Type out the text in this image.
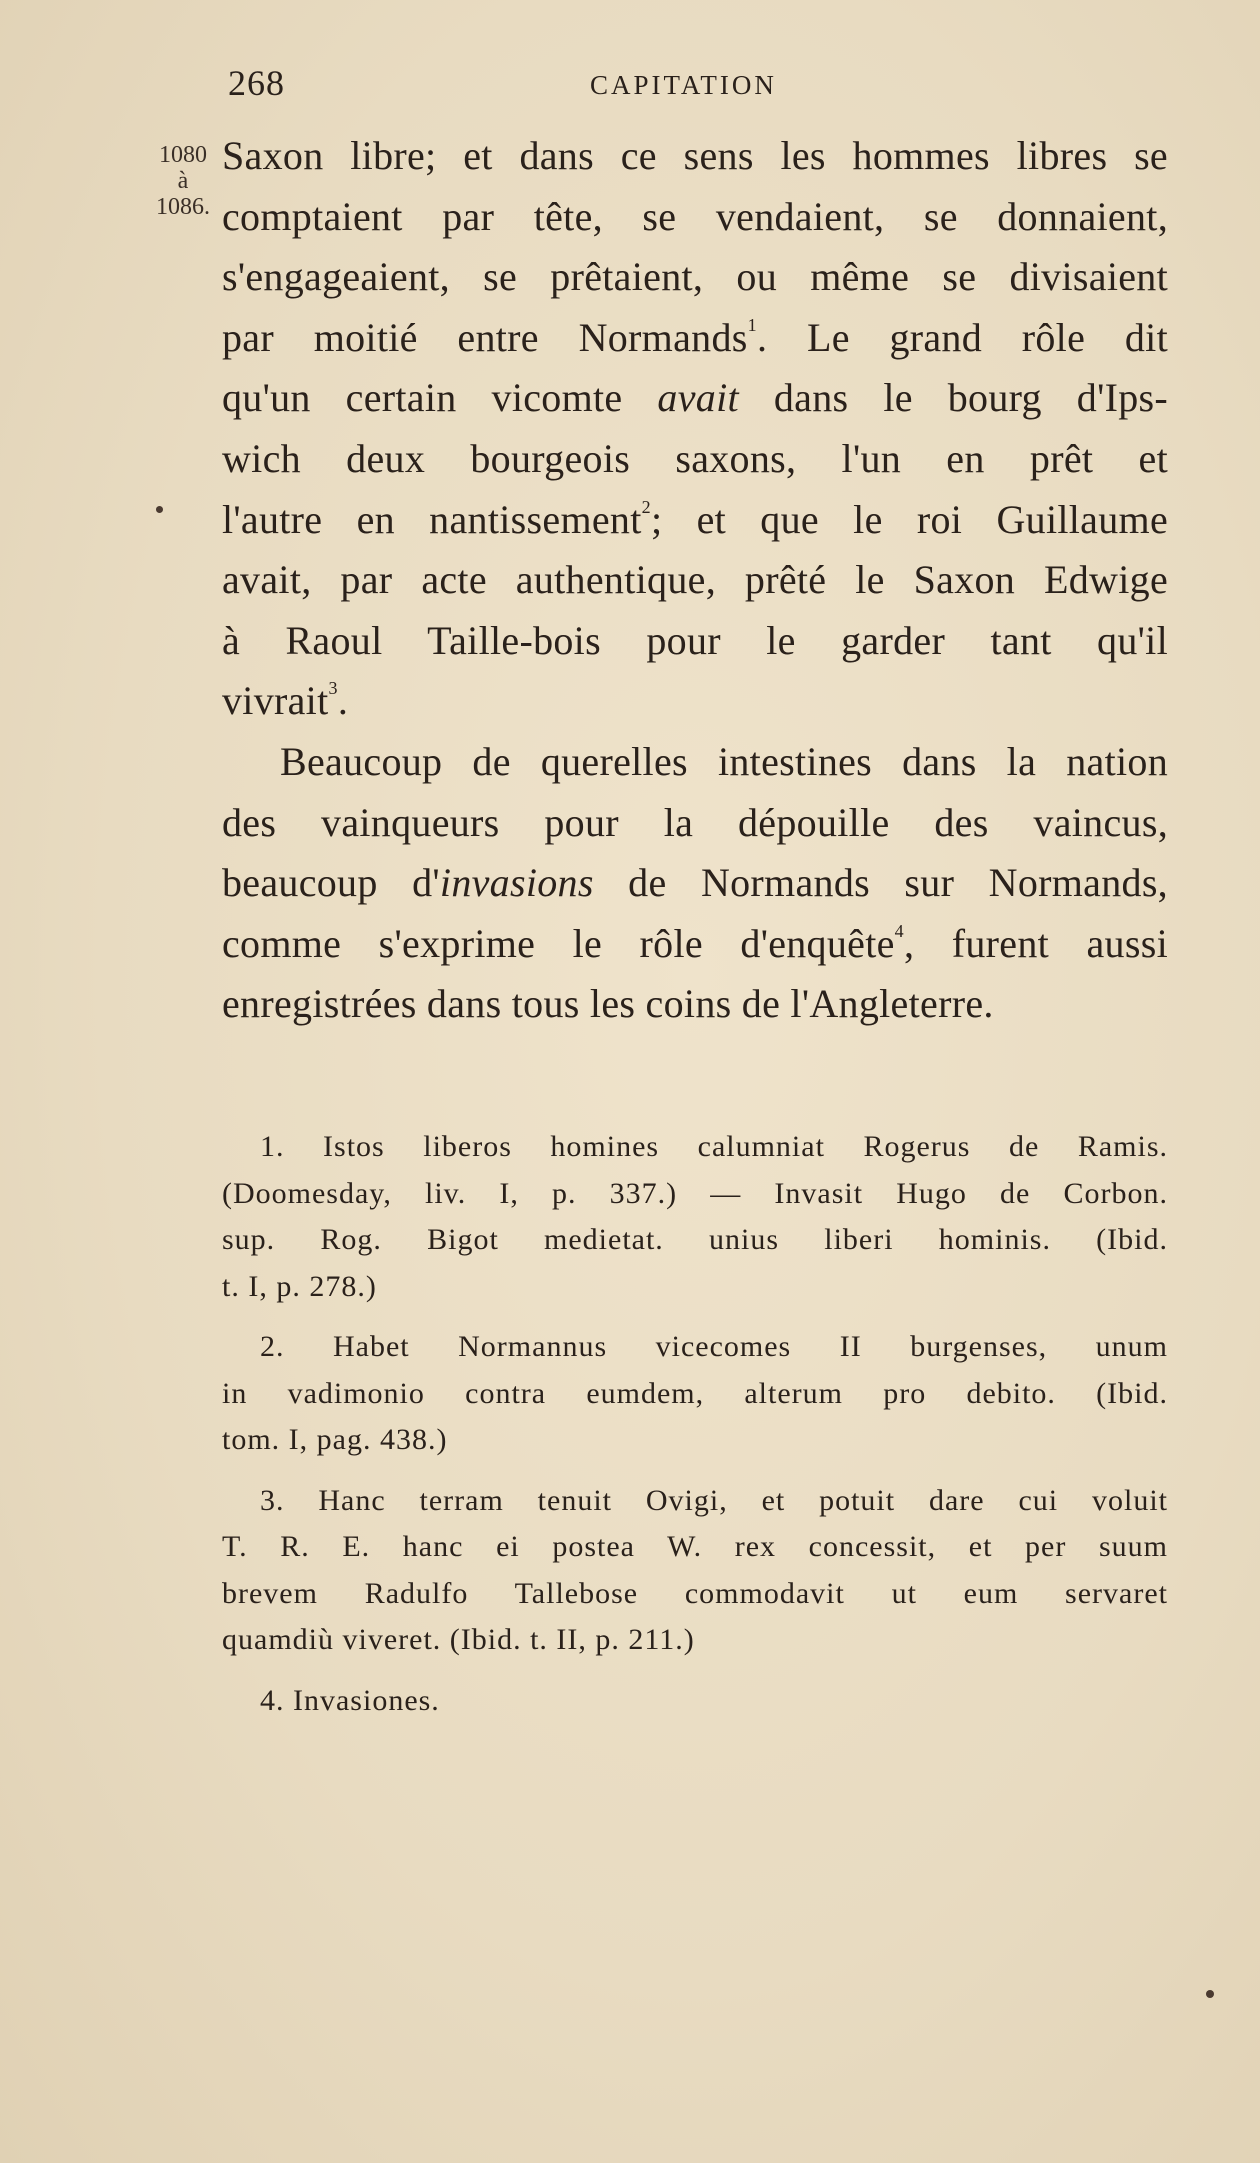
268	CAPITATION
1080
à
1086.
Saxon libre; et dans ce sens les hommes libres se
comptaient par tête, se vendaient, se donnaient,
s'engageaient, se prêtaient, ou même se divisaient
par moitié entre Normands$^1$. Le grand rôle dit
qu'un certain vicomte avait dans le bourg d'Ips-
wich deux bourgeois saxons, l'un en prêt et
l'autre en nantissement$^2$; et que le roi Guillaume
avait, par acte authentique, prêté le Saxon Edwige
à Raoul Taille-bois pour le garder tant qu'il
vivrait$^3$.
Beaucoup de querelles intestines dans la nation
des vainqueurs pour la dépouille des vaincus,
beaucoup d'invasions de Normands sur Normands,
comme s'exprime le rôle d'enquête$^4$, furent aussi
enregistrées dans tous les coins de l'Angleterre.
1. Istos liberos homines calumniat Rogerus de Ramis.
(Doomesday, liv. I, p. 337.) — Invasit Hugo de Corbon.
sup. Rog. Bigot medietat. unius liberi hominis. (Ibid.
t. I, p. 278.)
2. Habet Normannus vicecomes II burgenses, unum
in vadimonio contra eumdem, alterum pro debito. (Ibid.
tom. I, pag. 438.)
3. Hanc terram tenuit Ovigi, et potuit dare cui voluit
T. R. E. hanc ei postea W. rex concessit, et per suum
brevem Radulfo Tallebose commodavit ut eum servaret
quamdiù viveret. (Ibid. t. II, p. 211.)
4. Invasiones.
